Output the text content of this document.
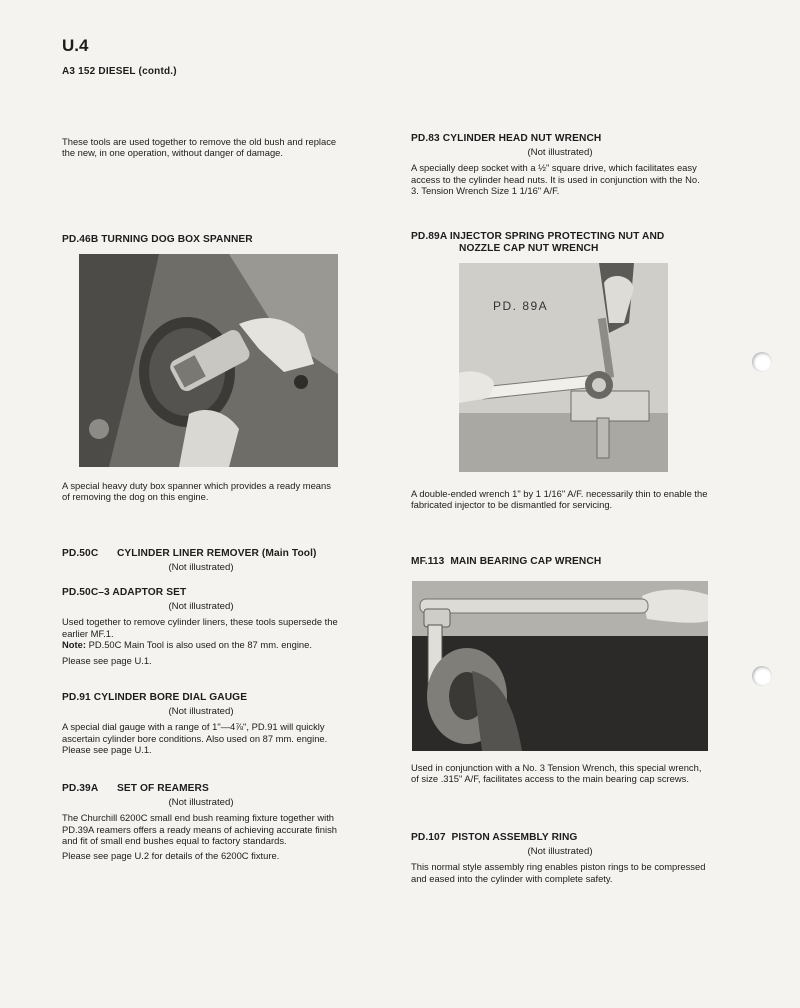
U.4
A3 152 DIESEL (contd.)

These tools are used together to remove the old bush and replace the new, in one operation, without danger of damage.

PD.46B TURNING DOG BOX SPANNER

A special heavy duty box spanner which provides a ready means of removing the dog on this engine.

PD.50C CYLINDER LINER REMOVER (Main Tool)
(Not illustrated)
PD.50C–3 ADAPTOR SET
(Not illustrated)

Used together to remove cylinder liners, these tools supersede the earlier MF.1.

Note: PD.50C Main Tool is also used on the 87 mm. engine.

Please see page U.1.

PD.91 CYLINDER BORE DIAL GAUGE
(Not illustrated)

A special dial gauge with a range of 1"—4⅞", PD.91 will quickly ascertain cylinder bore conditions. Also used on 87 mm. engine. Please see page U.1.

PD.39A SET OF REAMERS
(Not illustrated)

The Churchill 6200C small end bush reaming fixture together with PD.39A reamers offers a ready means of achieving accurate finish and fit of small end bushes equal to factory standards.

Please see page U.2 for details of the 6200C fixture.

PD.83 CYLINDER HEAD NUT WRENCH
(Not illustrated)

A specially deep socket with a ½" square drive, which facilitates easy access to the cylinder head nuts. It is used in conjunction with the No. 3. Tension Wrench Size 1 1/16" A/F.

PD.89A INJECTOR SPRING PROTECTING NUT AND
NOZZLE CAP NUT WRENCH
PD. 89A

A double-ended wrench 1" by 1 1/16" A/F. necessarily thin to enable the fabricated injector to be dismantled for servicing.

MF.113 MAIN BEARING CAP WRENCH

Used in conjunction with a No. 3 Tension Wrench, this special wrench, of size .315" A/F, facilitates access to the main bearing cap screws.

PD.107 PISTON ASSEMBLY RING
(Not illustrated)

This normal style assembly ring enables piston rings to be compressed and eased into the cylinder with complete safety.
